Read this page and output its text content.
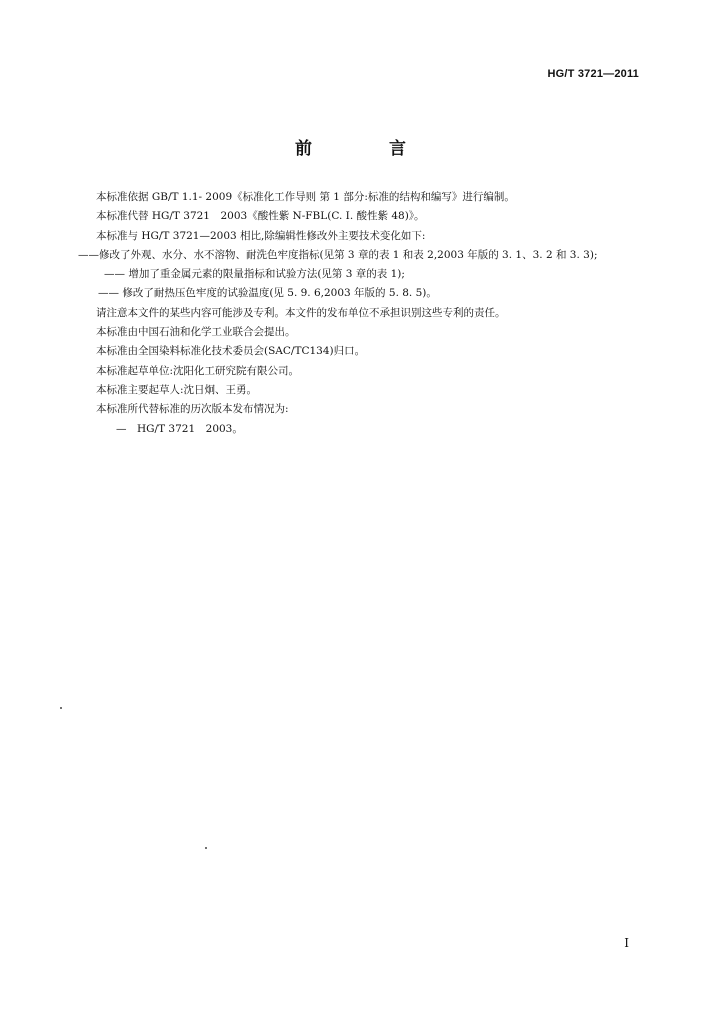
HG/T 3721—2011
前　言

本标准依据 GB/T 1.1- 2009《标准化工作导则 第 1 部分:标准的结构和编写》进行编制。

本标准代替 HG/T 3721　2003《酸性紫 N-FBL(C. I. 酸性紫 48)》。

本标准与 HG/T 3721—2003 相比,除编辑性修改外主要技术变化如下:

——修改了外观、水分、水不溶物、耐洗色牢度指标(见第 3 章的表 1 和表 2,2003 年版的 3. 1、3. 2 和 3. 3);

—— 增加了重金属元素的限量指标和试验方法(见第 3 章的表 1);

—— 修改了耐热压色牢度的试验温度(见 5. 9. 6,2003 年版的 5. 8. 5)。

请注意本文件的某些内容可能涉及专利。本文件的发布单位不承担识别这些专利的责任。

本标准由中国石油和化学工业联合会提出。

本标准由全国染料标准化技术委员会(SAC/TC134)归口。

本标准起草单位:沈阳化工研究院有限公司。

本标准主要起草人:沈日炯、王勇。

本标准所代替标准的历次版本发布情况为:

—　HG/T 3721　2003。

I
